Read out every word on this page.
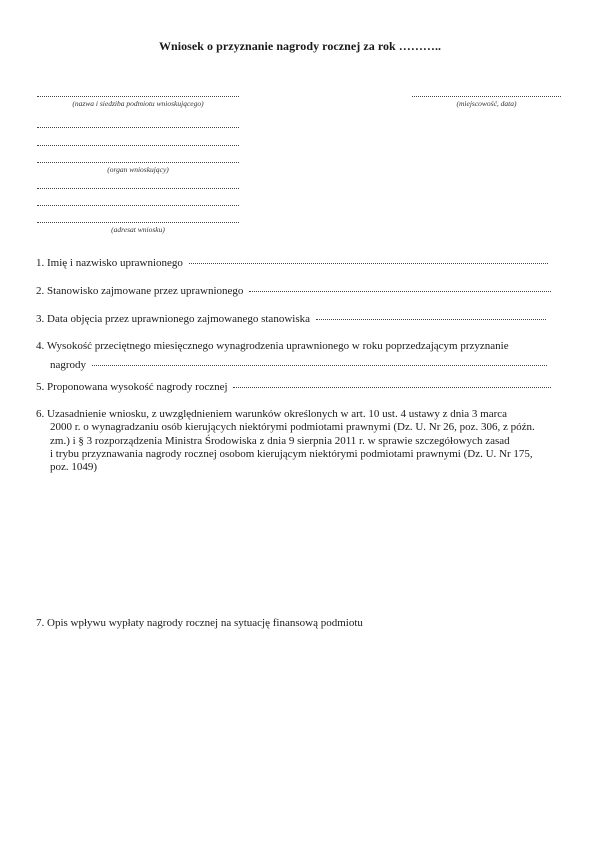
Wniosek o przyznanie nagrody rocznej za rok ………..
(nazwa i siedziba podmiotu wnioskującego)	(miejscowość, data)
(organ wnioskujący)
(adresat wniosku)
1. Imię i nazwisko uprawnionego
2. Stanowisko zajmowane przez uprawnionego
3. Data objęcia przez uprawnionego zajmowanego stanowiska
4. Wysokość przeciętnego miesięcznego wynagrodzenia uprawnionego w roku poprzedzającym przyznanie
nagrody
5. Proponowana wysokość nagrody rocznej
6. Uzasadnienie wniosku, z uwzględnieniem warunków określonych w art. 10 ust. 4 ustawy z dnia 3 marca
2000 r. o wynagradzaniu osób kierujących niektórymi podmiotami prawnymi (Dz. U. Nr 26, poz. 306, z późn.
zm.) i § 3 rozporządzenia Ministra Środowiska z dnia 9 sierpnia 2011 r. w sprawie szczegółowych zasad
i trybu przyznawania nagrody rocznej osobom kierującym niektórymi podmiotami prawnymi (Dz. U. Nr 175,
poz. 1049)
7. Opis wpływu wypłaty nagrody rocznej na sytuację finansową podmiotu
